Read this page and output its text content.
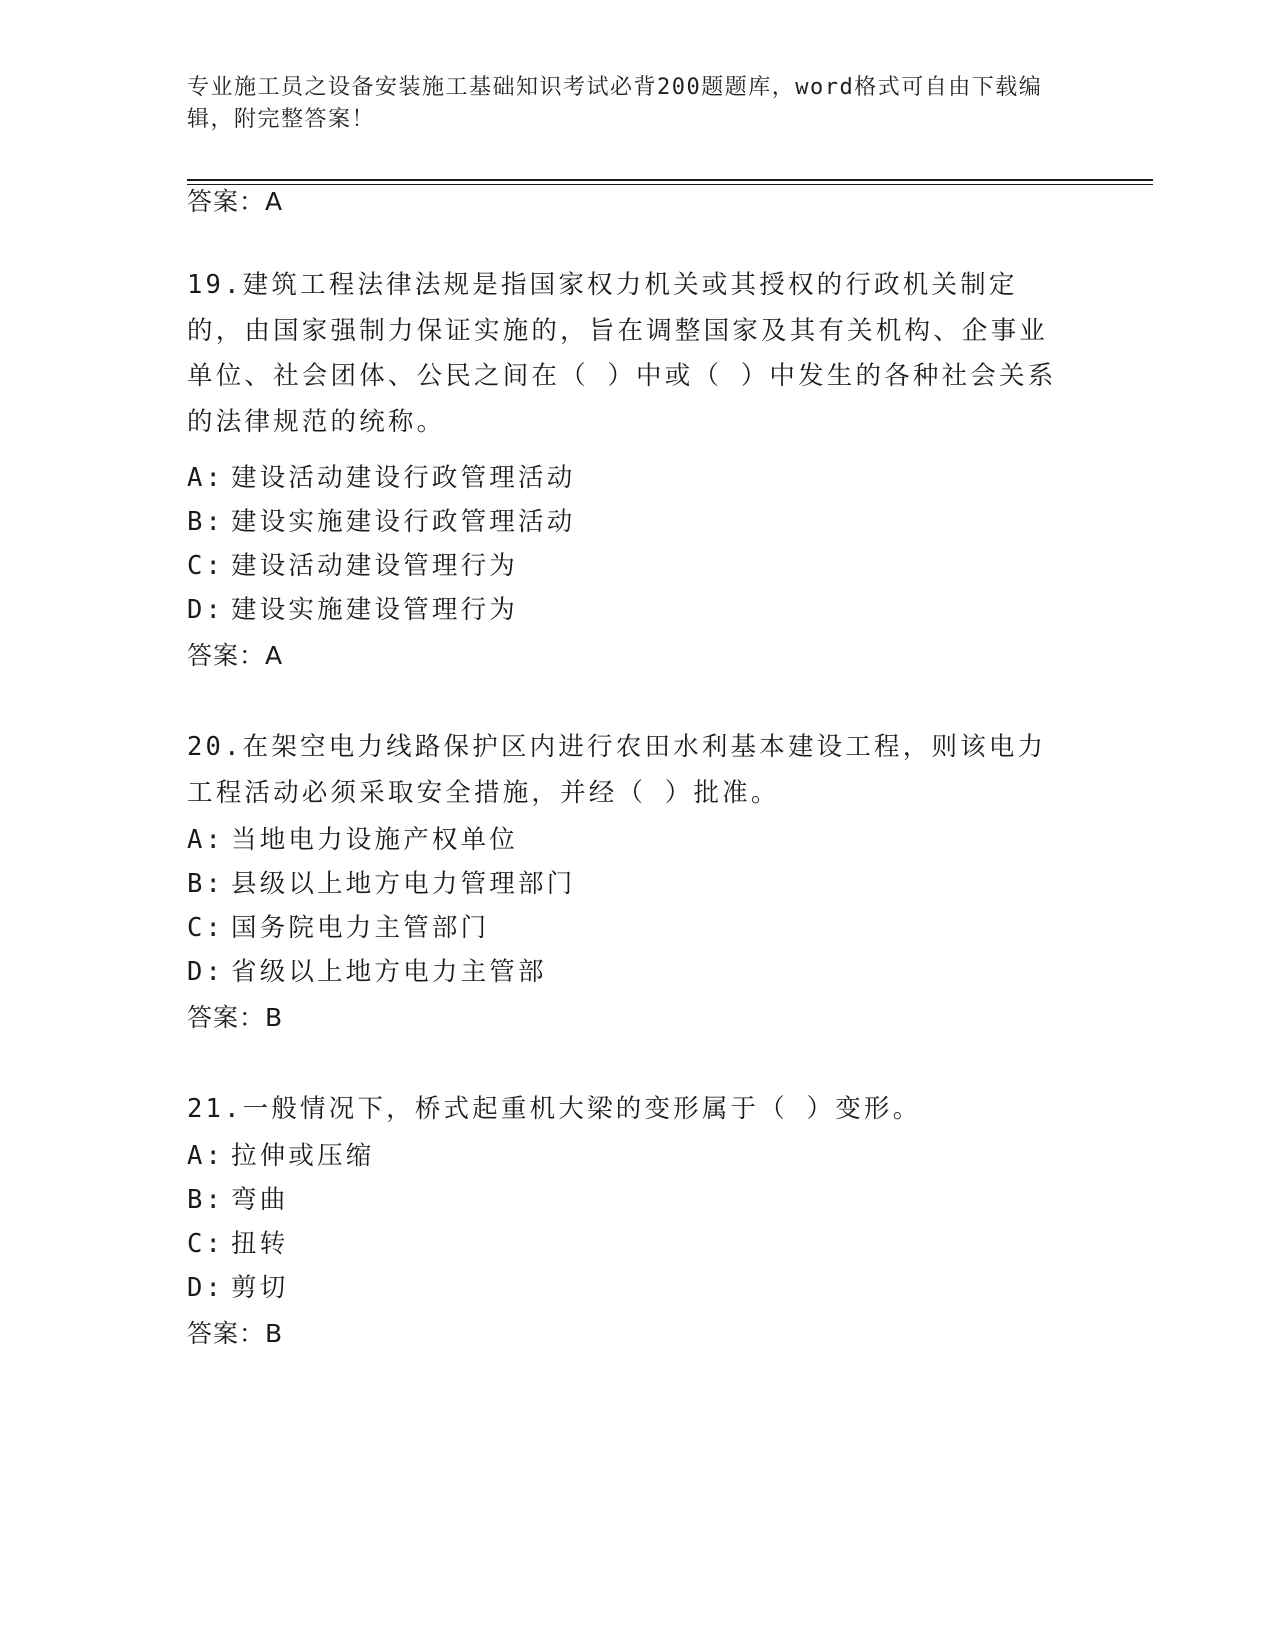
专业施工员之设备安装施工基础知识考试必背200题题库，word格式可自由下载编辑，附完整答案！
答案：A
19.建筑工程法律法规是指国家权力机关或其授权的行政机关制定的，由国家强制力保证实施的，旨在调整国家及其有关机构、企事业单位、社会团体、公民之间在（ ）中或（ ）中发生的各种社会关系的法律规范的统称。
A: 建设活动建设行政管理活动
B: 建设实施建设行政管理活动
C: 建设活动建设管理行为
D: 建设实施建设管理行为
答案：A
20.在架空电力线路保护区内进行农田水利基本建设工程，则该电力工程活动必须采取安全措施，并经（ ）批准。
A: 当地电力设施产权单位
B: 县级以上地方电力管理部门
C: 国务院电力主管部门
D: 省级以上地方电力主管部
答案：B
21.一般情况下，桥式起重机大梁的变形属于（ ）变形。
A: 拉伸或压缩
B: 弯曲
C: 扭转
D: 剪切
答案：B
